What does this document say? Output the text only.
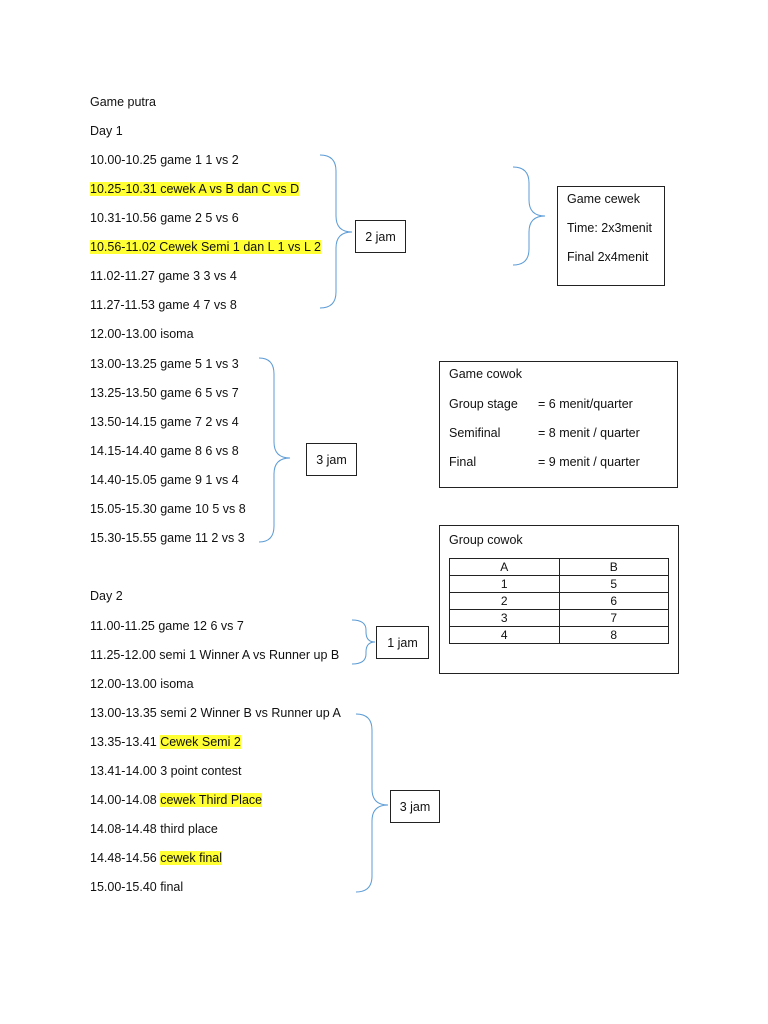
Game putra
Day 1
10.00-10.25 game 1 1 vs 2
10.25-10.31 cewek A vs B dan C vs D
10.31-10.56 game 2 5 vs 6
10.56-11.02 Cewek Semi 1 dan L 1 vs L 2
11.02-11.27 game 3 3 vs 4
11.27-11.53 game 4 7 vs 8
12.00-13.00 isoma
13.00-13.25 game 5 1 vs 3
13.25-13.50 game 6 5 vs 7
13.50-14.15 game 7 2 vs 4
14.15-14.40 game 8 6 vs 8
14.40-15.05 game 9 1 vs 4
15.05-15.30 game 10 5 vs 8
15.30-15.55 game 11 2 vs 3
Day 2
11.00-11.25 game 12 6 vs 7
11.25-12.00 semi 1 Winner A vs Runner up B
12.00-13.00 isoma
13.00-13.35 semi 2 Winner B vs Runner up A
13.35-13.41 Cewek Semi 2
13.41-14.00 3 point contest
14.00-14.08 cewek Third Place
14.08-14.48 third place
14.48-14.56 cewek final
15.00-15.40 final
2 jam
3 jam
1 jam
3 jam
Game cewek
Time: 2x3menit
Final 2x4menit
Game cowok
Group stage = 6 menit/quarter
Semifinal	= 8 menit / quarter
Final	= 9 menit / quarter
Group cowok
A	B
1	5
2	6
3	7
4	8
